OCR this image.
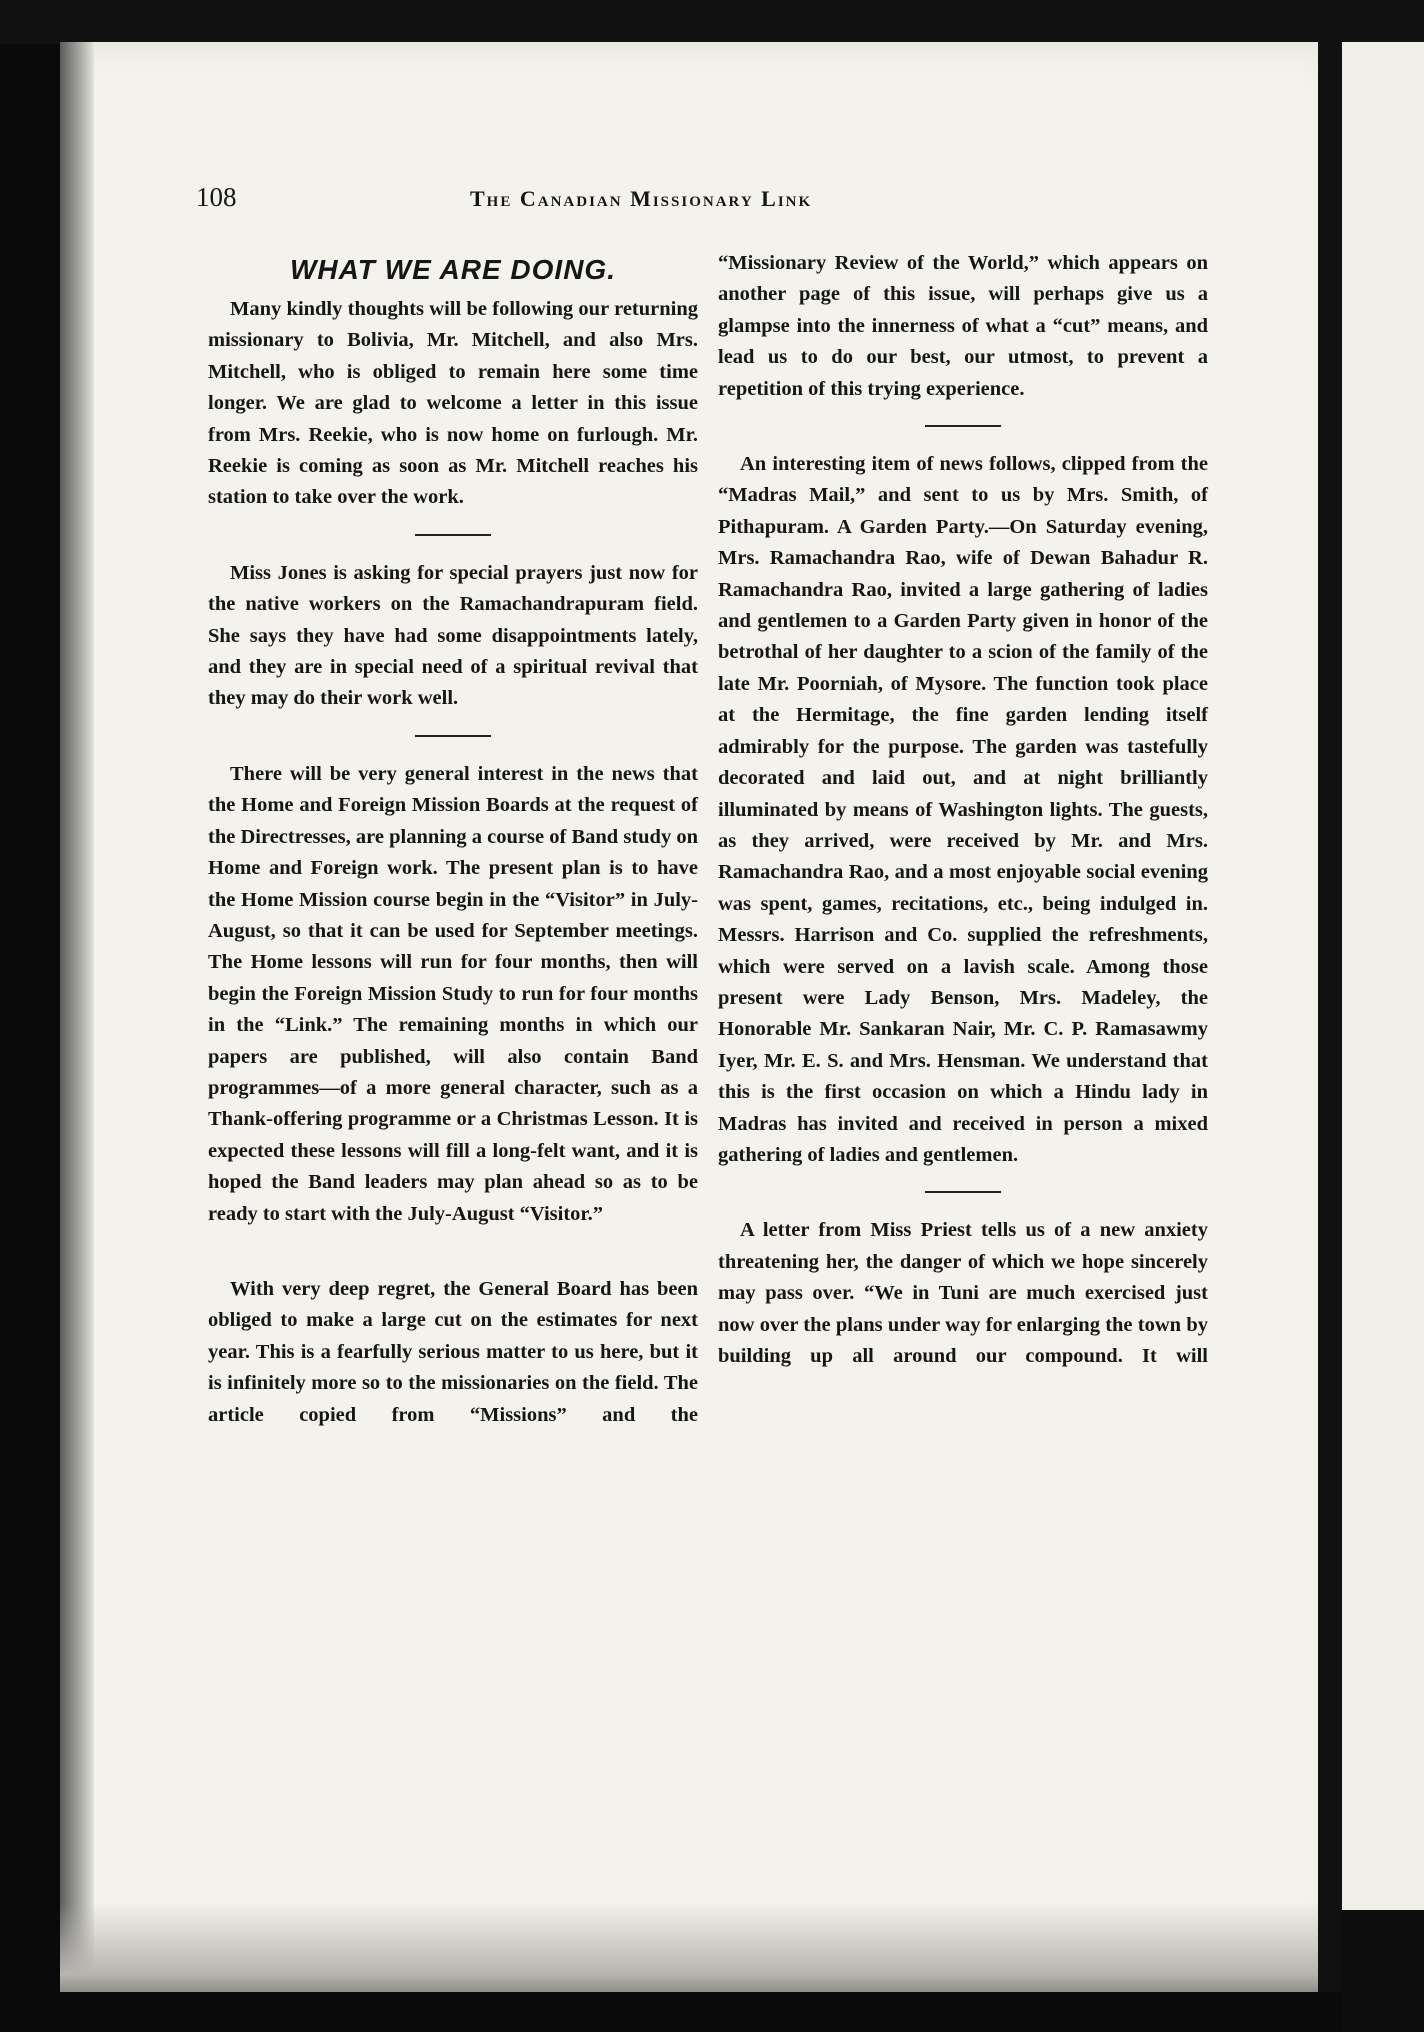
108	The Canadian Missionary Link
WHAT WE ARE DOING.

Many kindly thoughts will be following our returning missionary to Bolivia, Mr. Mitchell, and also Mrs. Mitchell, who is obliged to remain here some time longer. We are glad to welcome a letter in this issue from Mrs. Reekie, who is now home on furlough. Mr. Reekie is coming as soon as Mr. Mitchell reaches his station to take over the work.

Miss Jones is asking for special prayers just now for the native workers on the Ramachandrapuram field. She says they have had some disappointments lately, and they are in special need of a spiritual revival that they may do their work well.

There will be very general interest in the news that the Home and Foreign Mission Boards at the request of the Directresses, are planning a course of Band study on Home and Foreign work. The present plan is to have the Home Mission course begin in the “Visitor” in July-August, so that it can be used for September meetings. The Home lessons will run for four months, then will begin the Foreign Mission Study to run for four months in the “Link.” The remaining months in which our papers are published, will also contain Band programmes—of a more general character, such as a Thank-offering programme or a Christmas Lesson. It is expected these lessons will fill a long-felt want, and it is hoped the Band leaders may plan ahead so as to be ready to start with the July-August “Visitor.”

With very deep regret, the General Board has been obliged to make a large cut on the estimates for next year. This is a fearfully serious matter to us here, but it is infinitely more so to the missionaries on the field. The article copied from “Missions” and the

“Missionary Review of the World,” which appears on another page of this issue, will perhaps give us a glampse into the innerness of what a “cut” means, and lead us to do our best, our utmost, to prevent a repetition of this trying experience.

An interesting item of news follows, clipped from the “Madras Mail,” and sent to us by Mrs. Smith, of Pithapuram. A Garden Party.—On Saturday evening, Mrs. Ramachandra Rao, wife of Dewan Bahadur R. Ramachandra Rao, invited a large gathering of ladies and gentlemen to a Garden Party given in honor of the betrothal of her daughter to a scion of the family of the late Mr. Poorniah, of Mysore. The function took place at the Hermitage, the fine garden lending itself admirably for the purpose. The garden was tastefully decorated and laid out, and at night brilliantly illuminated by means of Washington lights. The guests, as they arrived, were received by Mr. and Mrs. Ramachandra Rao, and a most enjoyable social evening was spent, games, recitations, etc., being indulged in. Messrs. Harrison and Co. supplied the refreshments, which were served on a lavish scale. Among those present were Lady Benson, Mrs. Madeley, the Honorable Mr. Sankaran Nair, Mr. C. P. Ramasawmy Iyer, Mr. E. S. and Mrs. Hensman. We understand that this is the first occasion on which a Hindu lady in Madras has invited and received in person a mixed gathering of ladies and gentlemen.

A letter from Miss Priest tells us of a new anxiety threatening her, the danger of which we hope sincerely may pass over. “We in Tuni are much exercised just now over the plans under way for enlarging the town by building up all around our compound. It will
